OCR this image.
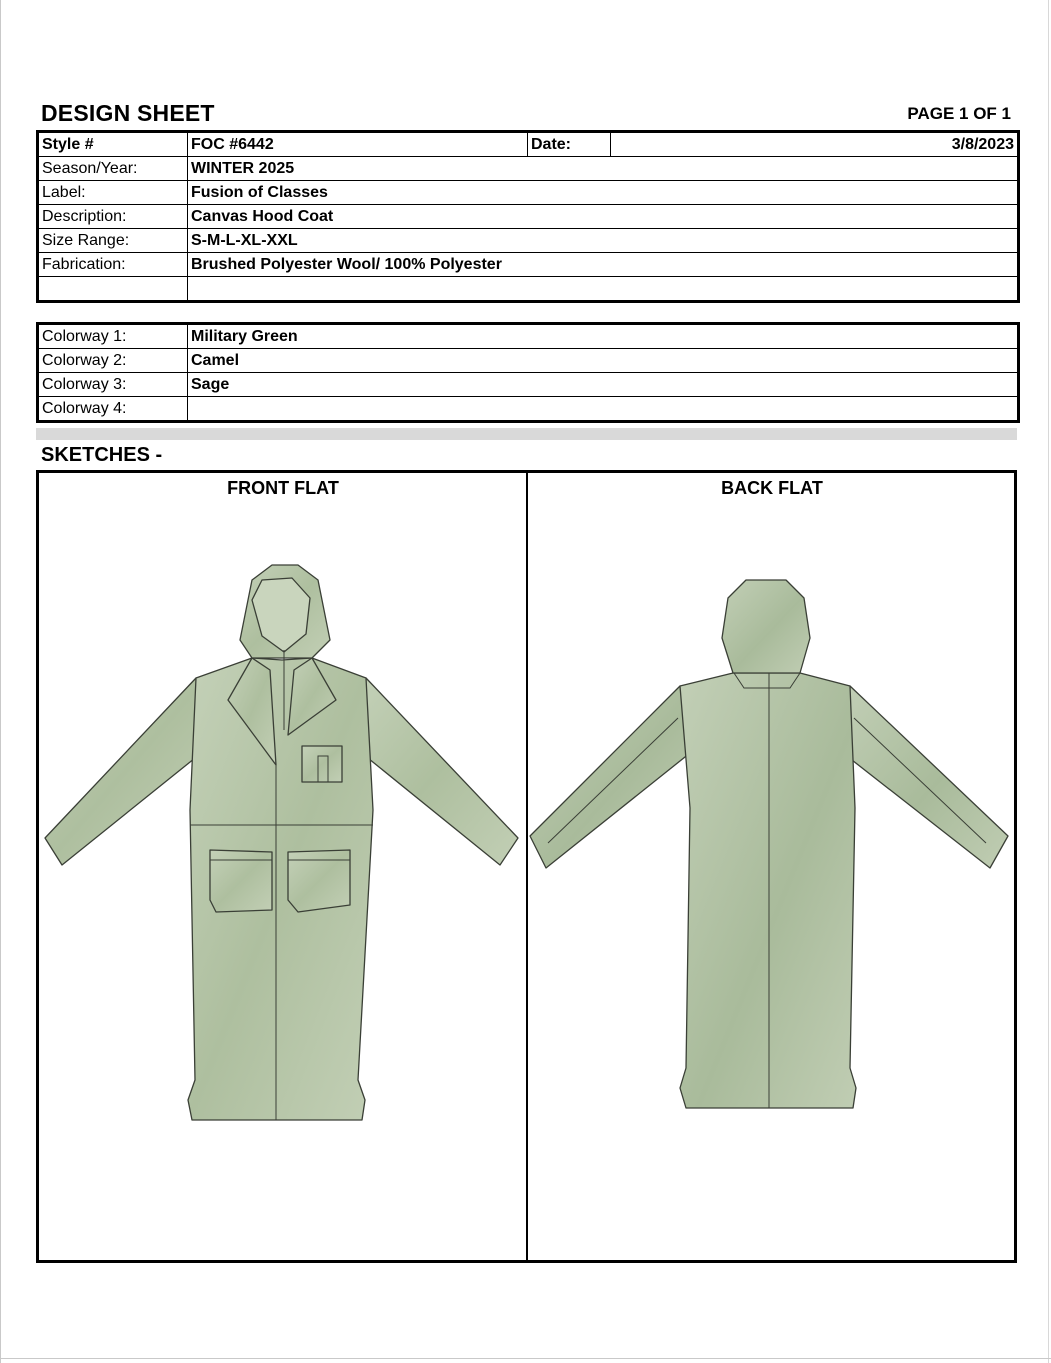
DESIGN SHEET	PAGE 1 OF 1
Style #	FOC #6442	Date:	3/8/2023
Season/Year:	WINTER 2025		
Label:	Fusion of Classes		
Description:	Canvas Hood Coat		
Size Range:	S-M-L-XL-XXL		
Fabrication:	Brushed Polyester Wool/ 100% Polyester		

Colorway 1:	Military Green
Colorway 2:	Camel
Colorway 3:	Sage
Colorway 4:	
SKETCHES -
FRONT FLAT	BACK FLAT
